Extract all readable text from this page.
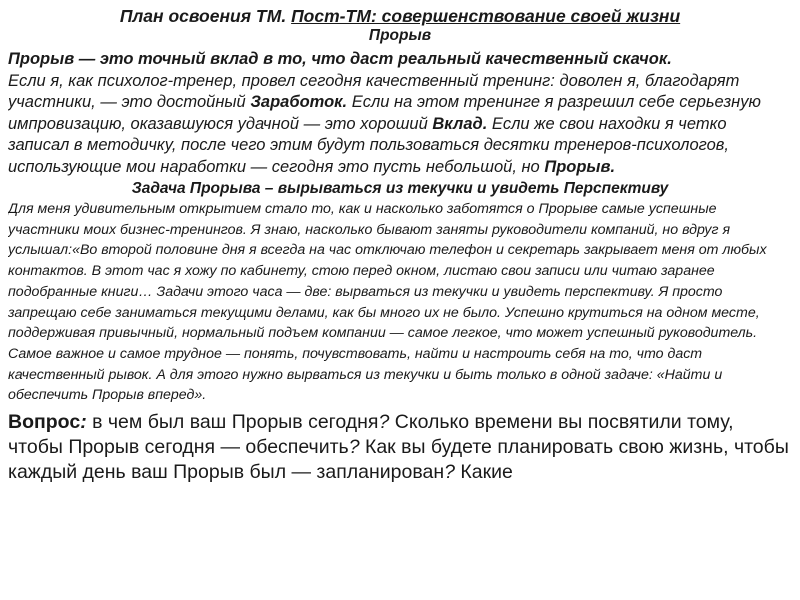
План освоения ТМ. Пост-ТМ: совершенствование своей жизни
Прорыв

Прорыв — это точный вклад в то, что даст реальный качественный скачок.
Если я, как психолог-тренер, провел сегодня качественный тренинг: доволен я, благодарят участники, — это достойный Заработок. Если на этом тренинге я разрешил себе серьезную импровизацию, оказавшуюся удачной — это хороший Вклад. Если же свои находки я четко записал в методичку, после чего этим будут пользоваться десятки тренеров-психологов, использующие мои наработки — сегодня это пусть небольшой, но Прорыв.

Задача Прорыва – вырываться из текучки и увидеть Перспективу

Для меня удивительным открытием стало то, как и насколько заботятся о Прорыве самые успешные участники моих бизнес-тренингов. Я знаю, насколько бывают заняты руководители компаний, но вдруг я услышал:«Во второй половине дня я всегда на час отключаю телефон и секретарь закрывает меня от любых контактов. В этот час я хожу по кабинету, стою перед окном, листаю свои записи или читаю заранее подобранные книги… Задачи этого часа — две: вырваться из текучки и увидеть перспективу. Я просто запрещаю себе заниматься текущими делами, как бы много их не было. Успешно крутиться на одном месте, поддерживая привычный, нормальный подъем компании — самое легкое, что может успешный руководитель. Самое важное и самое трудное — понять, почувствовать, найти и настроить себя на то, что даст качественный рывок. А для этого нужно вырваться из текучки и быть только в одной задаче: «Найти и обеспечить Прорыв вперед».

Вопрос: в чем был ваш Прорыв сегодня? Сколько времени вы посвятили тому, чтобы Прорыв сегодня — обеспечить? Как вы будете планировать свою жизнь, чтобы каждый день ваш Прорыв был — запланирован? Какие
